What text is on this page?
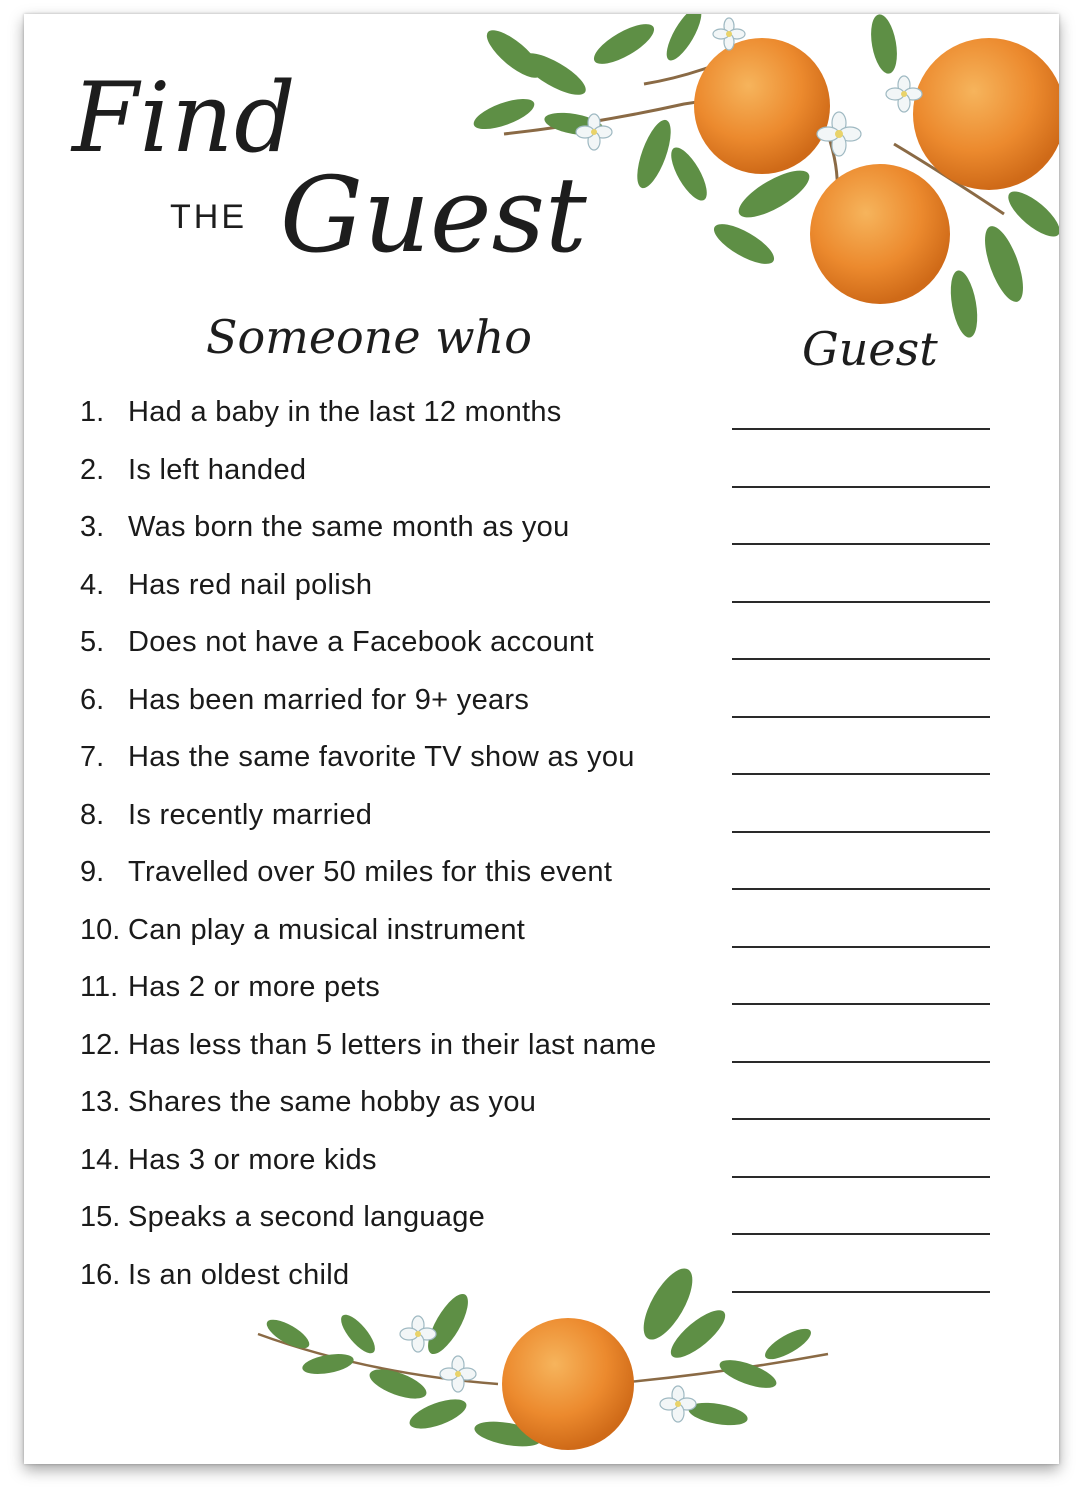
Find
THE Guest
Someone who	Guest
1. Had a baby in the last 12 months
2. Is left handed
3. Was born the same month as you
4. Has red nail polish
5. Does not have a Facebook account
6. Has been married for 9+ years
7. Has the same favorite TV show as you
8. Is recently married
9. Travelled over 50 miles for this event
10. Can play a musical instrument
11. Has 2 or more pets
12. Has less than 5 letters in their last name
13. Shares the same hobby as you
14. Has 3 or more kids
15. Speaks a second language
16. Is an oldest child
